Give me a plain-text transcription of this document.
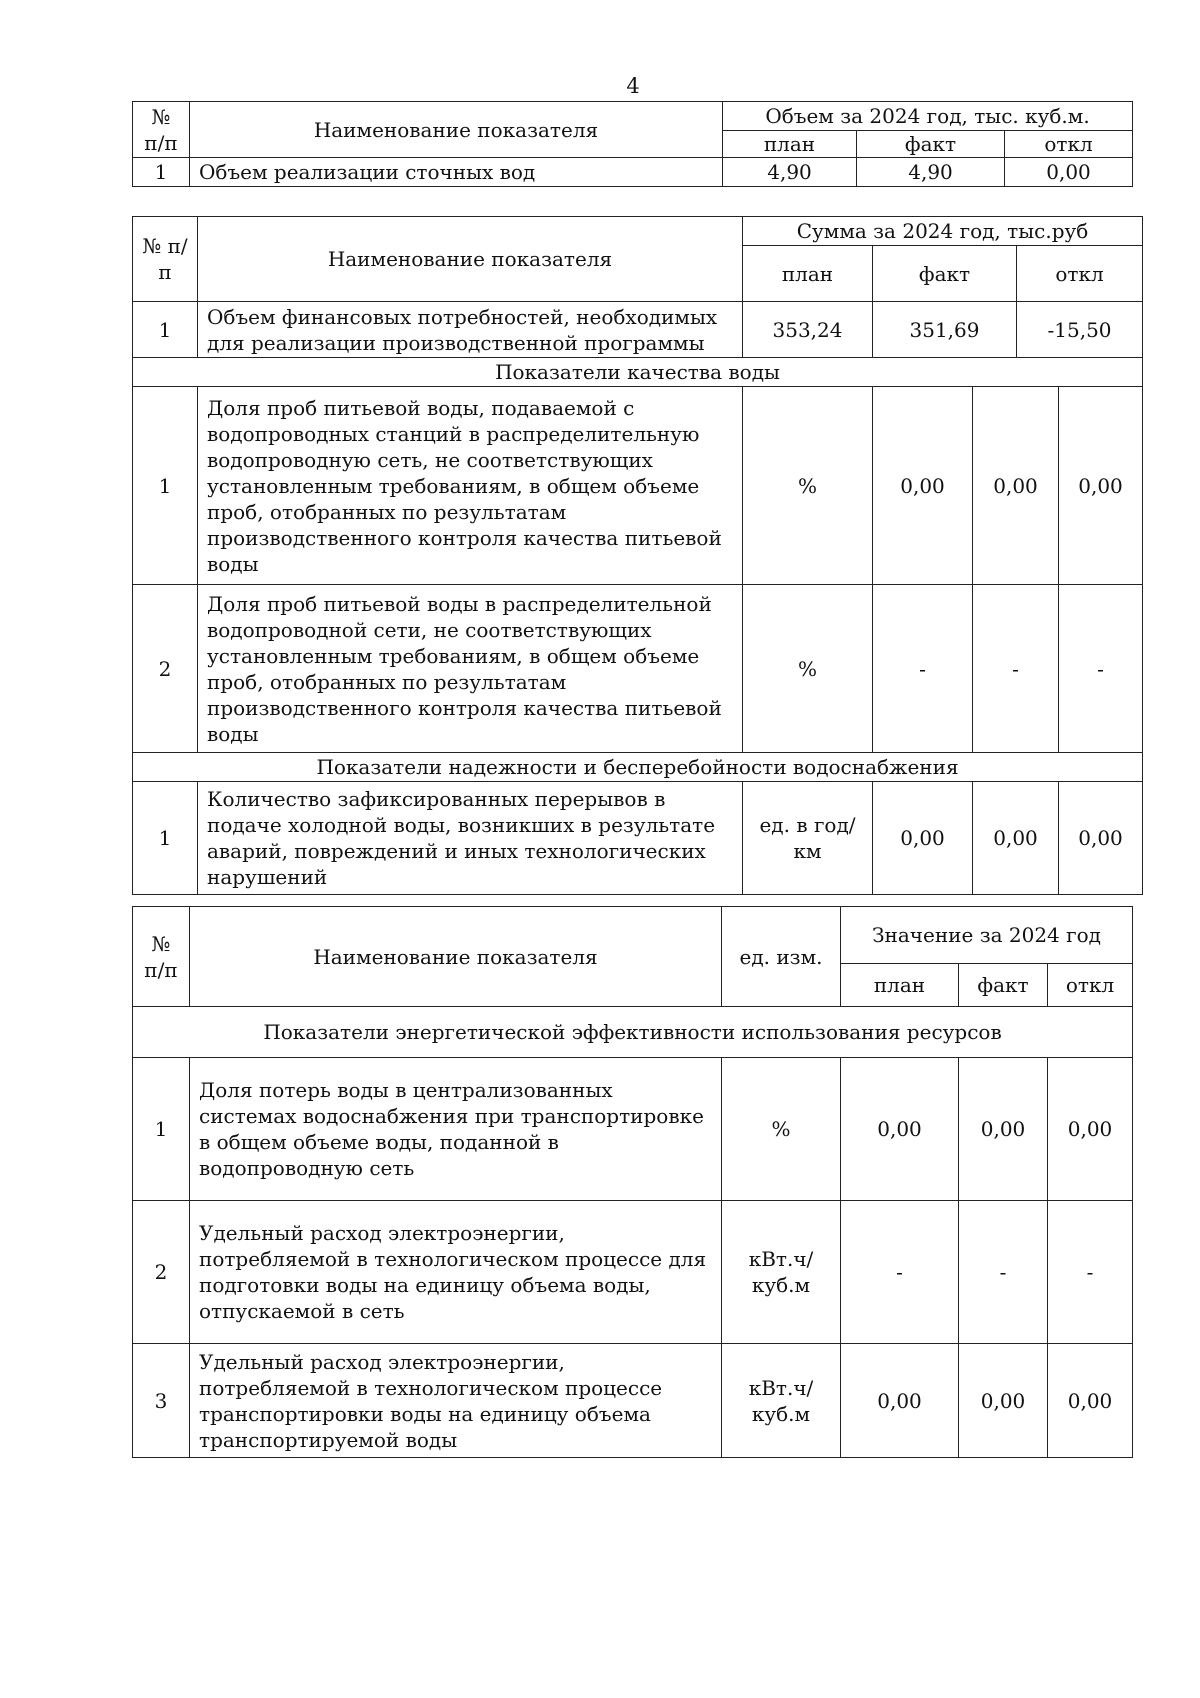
4
№ п/п	Наименование показателя	Объем за 2024 год, тыс. куб.м.		
		план	факт	откл
1	Объем реализации сточных вод	4,90	4,90	0,00
№ п/ п	Наименование показателя	Сумма за 2024 год, тыс.руб				
		план	факт		откл	
1	Объем финансовых потребностей, необходимых для реализации производственной программы	353,24	351,69		-15,50	
Показатели качества воды						
1	Доля проб питьевой воды, подаваемой с водопроводных станций в распределительную водопроводную сеть, не соответствующих установленным требованиям, в общем объеме проб, отобранных по результатам производственного контроля качества питьевой воды	%	0,00	0,00		0,00
2	Доля проб питьевой воды в распределительной водопроводной сети, не соответствующих установленным требованиям, в общем объеме проб, отобранных по результатам производственного контроля качества питьевой воды	%	-	-		-
Показатели надежности и бесперебойности водоснабжения						
1	Количество зафиксированных перерывов в подаче холодной воды, возникших в результате аварий, повреждений и иных технологических нарушений	ед. в год/ км	0,00	0,00		0,00
№ п/п	Наименование показателя	ед. изм.	Значение за 2024 год		
			план	факт	откл
Показатели энергетической эффективности использования ресурсов					
1	Доля потерь воды в централизованных системах водоснабжения при транспортировке в общем объеме воды, поданной в водопроводную сеть	%	0,00	0,00	0,00
2	Удельный расход электроэнергии, потребляемой в технологическом процессе для подготовки воды на единицу объема воды, отпускаемой в сеть	кВт.ч/ куб.м	-	-	-
3	Удельный расход электроэнергии, потребляемой в технологическом процессе транспортировки воды на единицу объема транспортируемой воды	кВт.ч/ куб.м	0,00	0,00	0,00
